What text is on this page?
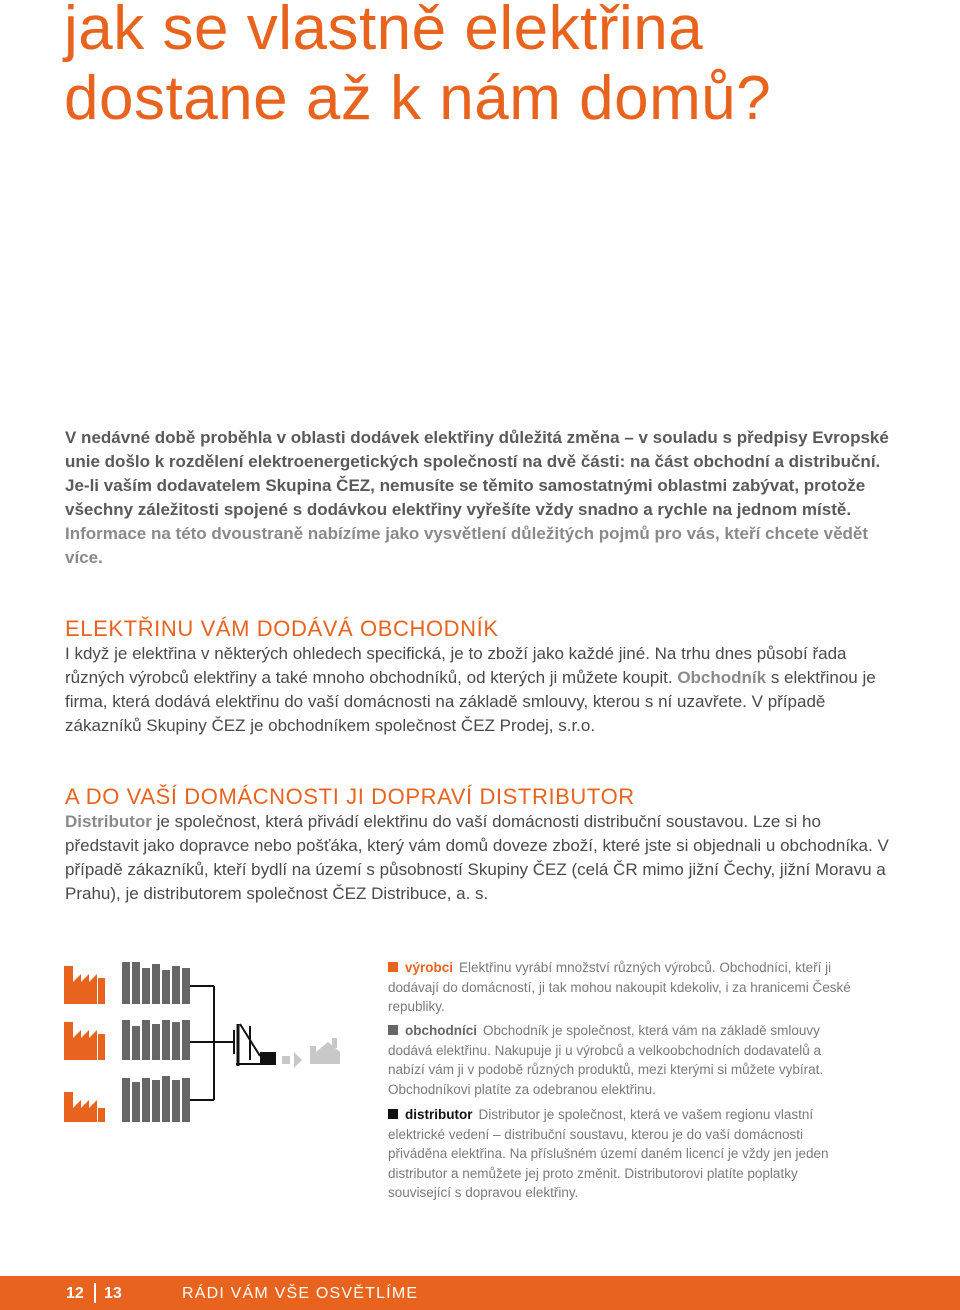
jak se vlastně elektřina
dostane až k nám domů?

V nedávné době proběhla v oblasti dodávek elektřiny důležitá změna – v souladu s předpisy Evropské unie došlo k rozdělení elektroenergetických společností na dvě části: na část obchodní a distribuční. Je-li vaším dodavatelem Skupina ČEZ, nemusíte se těmito samostatnými oblastmi zabývat, protože všechny záležitosti spojené s dodávkou elektřiny vyřešíte vždy snadno a rychle na jednom místě. Informace na této dvoustraně nabízíme jako vysvětlení důležitých pojmů pro vás, kteří chcete vědět více.

ELEKTŘINU VÁM DODÁVÁ OBCHODNÍK

I když je elektřina v některých ohledech specifická, je to zboží jako každé jiné. Na trhu dnes působí řada různých výrobců elektřiny a také mnoho obchodníků, od kterých ji můžete koupit. Obchodník s elektřinou je firma, která dodává elektřinu do vaší domácnosti na základě smlouvy, kterou s ní uzavřete. V případě zákazníků Skupiny ČEZ je obchodníkem společnost ČEZ Prodej, s.r.o.

A DO VAŠÍ DOMÁCNOSTI JI DOPRAVÍ DISTRIBUTOR

Distributor je společnost, která přivádí elektřinu do vaší domácnosti distribuční soustavou. Lze si ho představit jako dopravce nebo pošťáka, který vám domů doveze zboží, které jste si objednali u obchodníka. V případě zákazníků, kteří bydlí na území s působností Skupiny ČEZ (celá ČR mimo jižní Čechy, jižní Moravu a Prahu), je distributorem společnost ČEZ Distribuce, a. s.

výrobci Elektřinu vyrábí množství různých výrobců. Obchodníci, kteří ji dodávají do domácností, ji tak mohou nakoupit kdekoliv, i za hranicemi České republiky.
obchodníci Obchodník je společnost, která vám na základě smlouvy dodává elektřinu. Nakupuje ji u výrobců a velkoobchodních dodavatelů a nabízí vám ji v podobě různých produktů, mezi kterými si můžete vybírat. Obchodníkovi platíte za odebranou elektřinu.
distributor Distributor je společnost, která ve vašem regionu vlastní elektrické vedení – distribuční soustavu, kterou je do vaší domácnosti přiváděna elektřina. Na příslušném území daném licencí je vždy jen jeden distributor a nemůžete jej proto změnit. Distributorovi platíte poplatky související s dopravou elektřiny.
12 13	RÁDI VÁM VŠE OSVĚTLÍME
